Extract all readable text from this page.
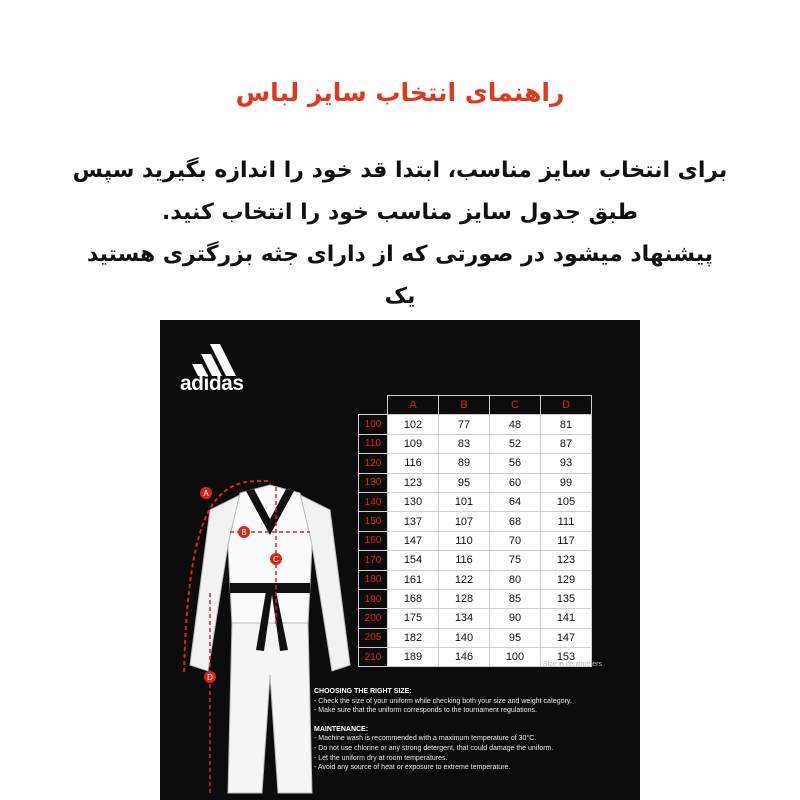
راهنمای انتخاب سایز لباس
برای انتخاب سایز مناسب، ابتدا قد خود را اندازه بگیرید سپس
طبق جدول سایز مناسب خود را انتخاب کنید.
پیشنهاد میشود در صورتی که از دارای جثه بزرگتری هستید یک
adidas
A
B
C
D
	A	B	C	D
100	102	77	48	81
110	109	83	52	87
120	116	89	56	93
130	123	95	60	99
140	130	101	64	105
150	137	107	68	111
160	147	110	70	117
170	154	116	75	123
180	161	122	80	129
190	168	128	85	135
200	175	134	90	141
205	182	140	95	147
210	189	146	100	153
Size in centimeters
CHOOSING THE RIGHT SIZE:
- Check the size of your uniform while checking both your size and weight category.
- Make sure that the uniform corresponds to the tournament regulations.
MAINTENANCE:
- Machine wash is recommended with a maximum temperature of 30°C.
- Do not use chlorine or any strong detergent, that could damage the uniform.
- Let the uniform dry at room temperatures.
- Avoid any source of heat or exposure to extreme temperature.
